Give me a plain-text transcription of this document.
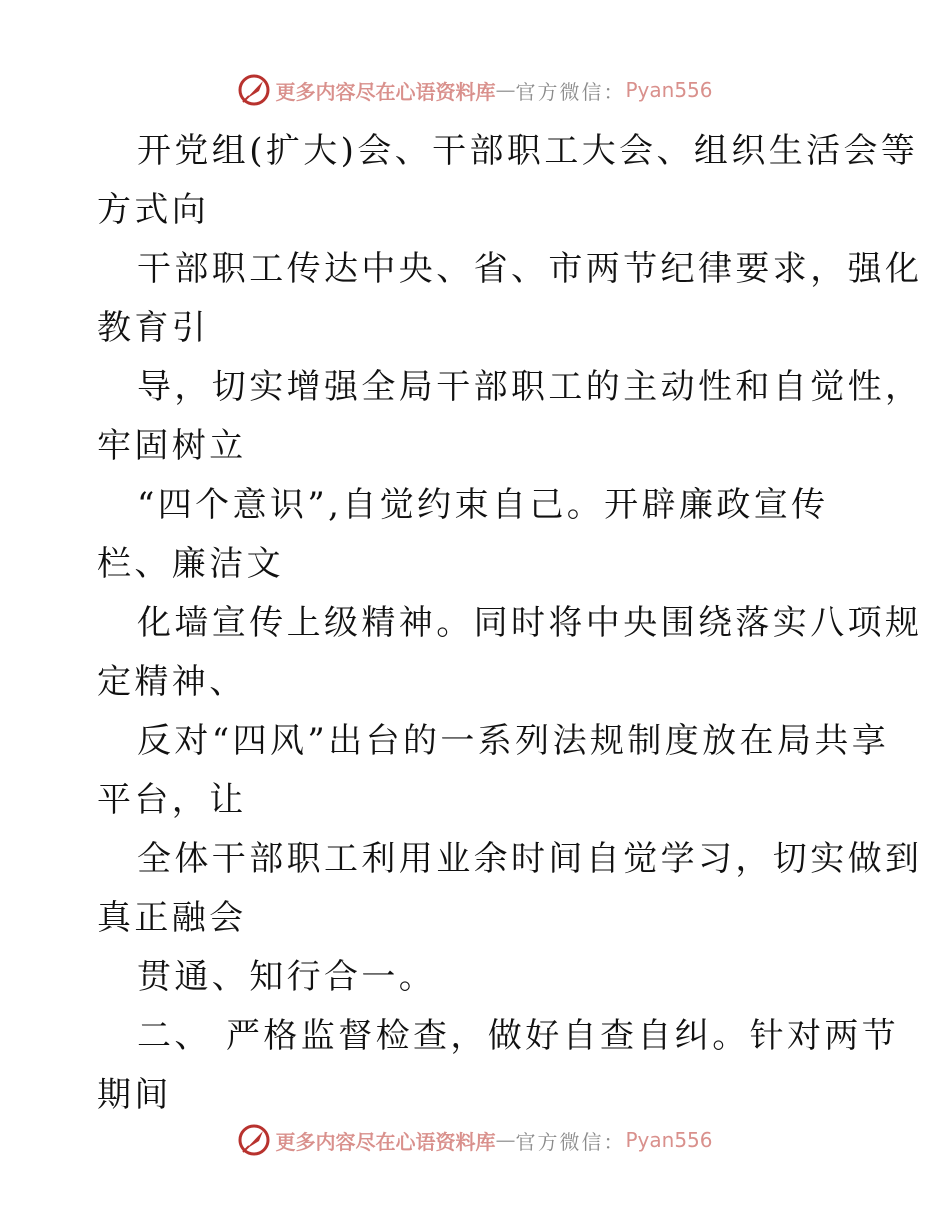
更多内容尽在心语资料库 — 官方微信： Pyan556
开党组(扩大)会、干部职工大会、组织生活会等
方式向
干部职工传达中央、省、市两节纪律要求，强化
教育引
导，切实增强全局干部职工的主动性和自觉性，
牢固树立
“四个意识”,自觉约束自己。开辟廉政宣传
栏、廉洁文
化墙宣传上级精神。同时将中央围绕落实八项规
定精神、
反对“四风”出台的一系列法规制度放在局共享
平台，让
全体干部职工利用业余时间自觉学习，切实做到
真正融会
贯通、知行合一。
二、 严格监督检查，做好自查自纠。针对两节
期间
更多内容尽在心语资料库 — 官方微信： Pyan556
